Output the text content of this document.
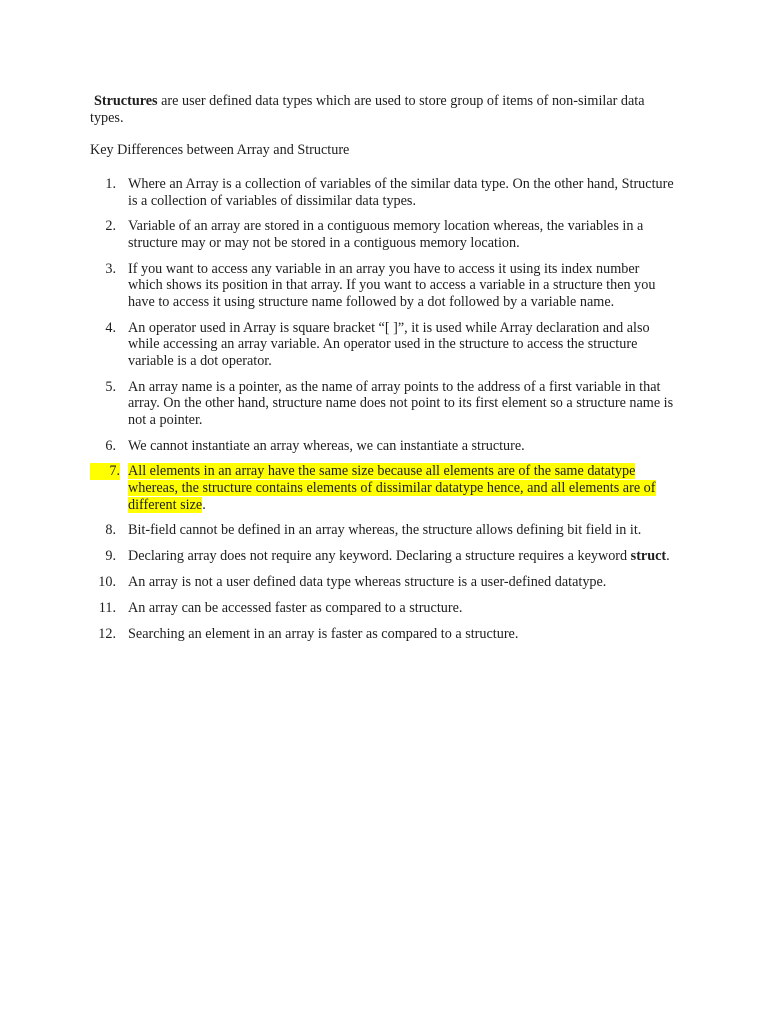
Structures are user defined data types which are used to store group of items of non-similar data types.

Key Differences between Array and Structure

1. Where an Array is a collection of variables of the similar data type. On the other hand, Structure is a collection of variables of dissimilar data types.
2. Variable of an array are stored in a contiguous memory location whereas, the variables in a structure may or may not be stored in a contiguous memory location.
3. If you want to access any variable in an array you have to access it using its index number which shows its position in that array. If you want to access a variable in a structure then you have to access it using structure name followed by a dot followed by a variable name.
4. An operator used in Array is square bracket “[ ]”, it is used while Array declaration and also while accessing an array variable. An operator used in the structure to access the structure variable is a dot operator.
5. An array name is a pointer, as the name of array points to the address of a first variable in that array. On the other hand, structure name does not point to its first element so a structure name is not a pointer.
6. We cannot instantiate an array whereas, we can instantiate a structure.
7. All elements in an array have the same size because all elements are of the same datatype whereas, the structure contains elements of dissimilar datatype hence, and all elements are of different size.
8. Bit-field cannot be defined in an array whereas, the structure allows defining bit field in it.
9. Declaring array does not require any keyword. Declaring a structure requires a keyword struct.
10. An array is not a user defined data type whereas structure is a user-defined datatype.
11. An array can be accessed faster as compared to a structure.
12. Searching an element in an array is faster as compared to a structure.
